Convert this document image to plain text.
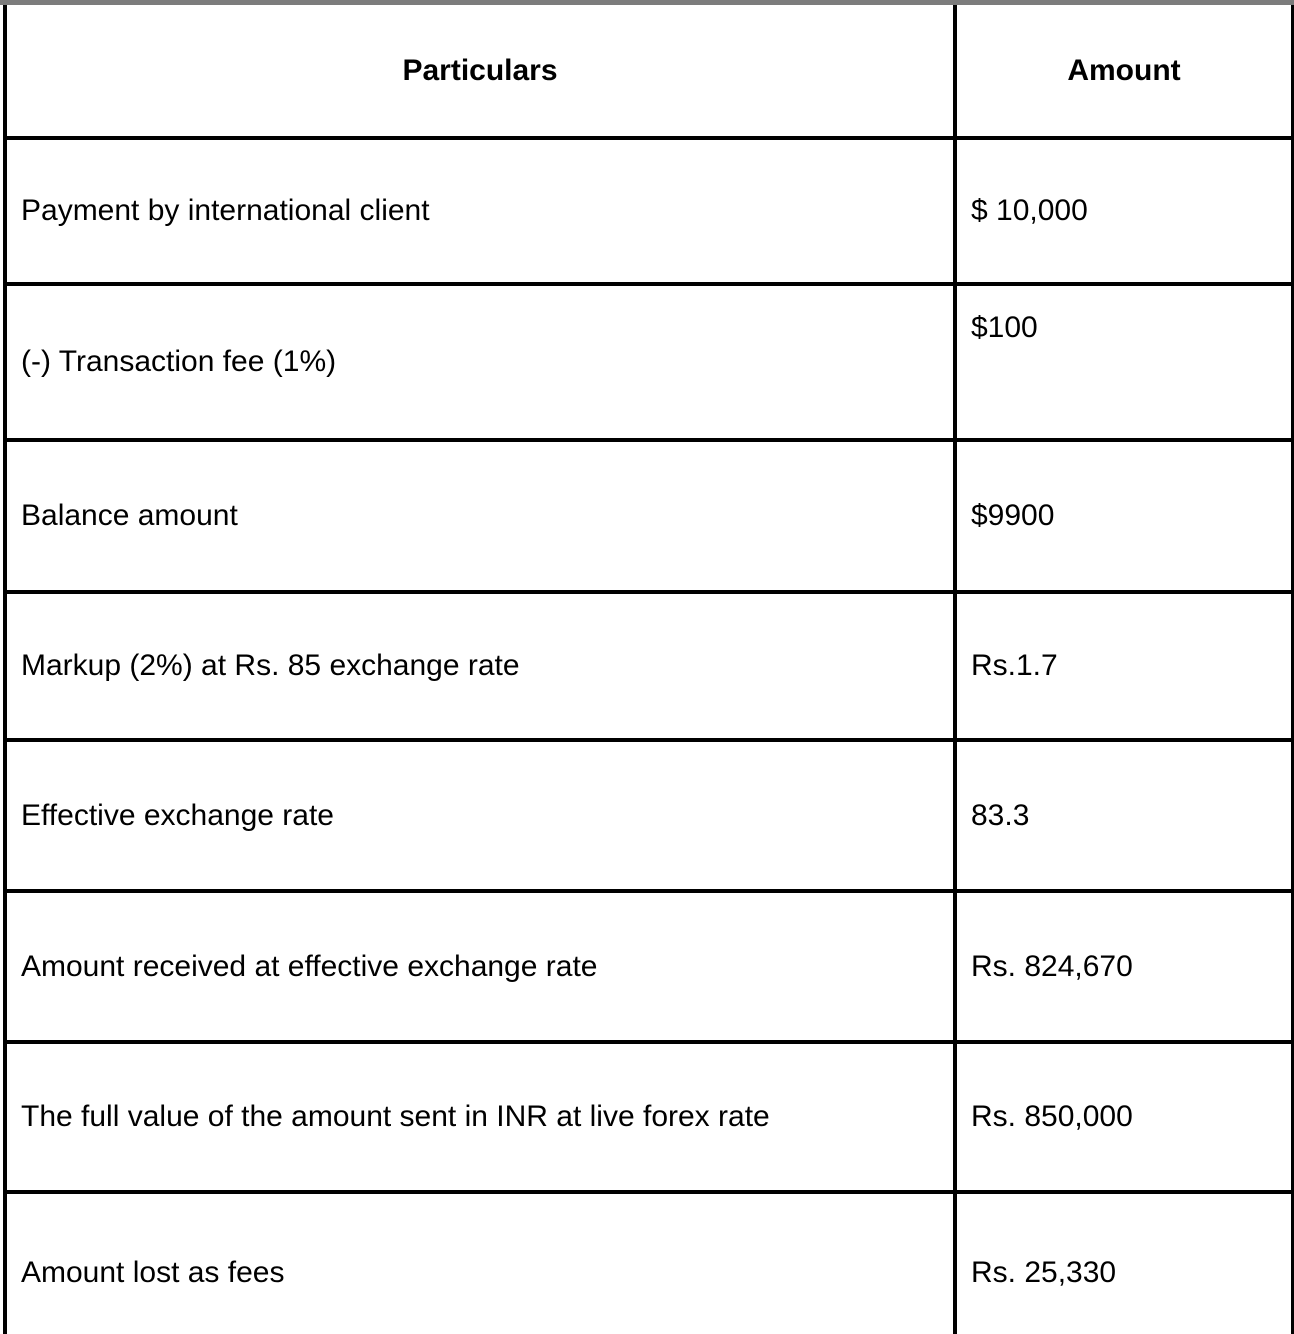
Particulars	Amount
Payment by international client	$ 10,000
(-) Transaction fee (1%)	$100
Balance amount	$9900
Markup (2%) at Rs. 85 exchange rate	Rs.1.7
Effective exchange rate	83.3
Amount received at effective exchange rate	Rs. 824,670
The full value of the amount sent in INR at live forex rate	Rs. 850,000
Amount lost as fees	Rs. 25,330
